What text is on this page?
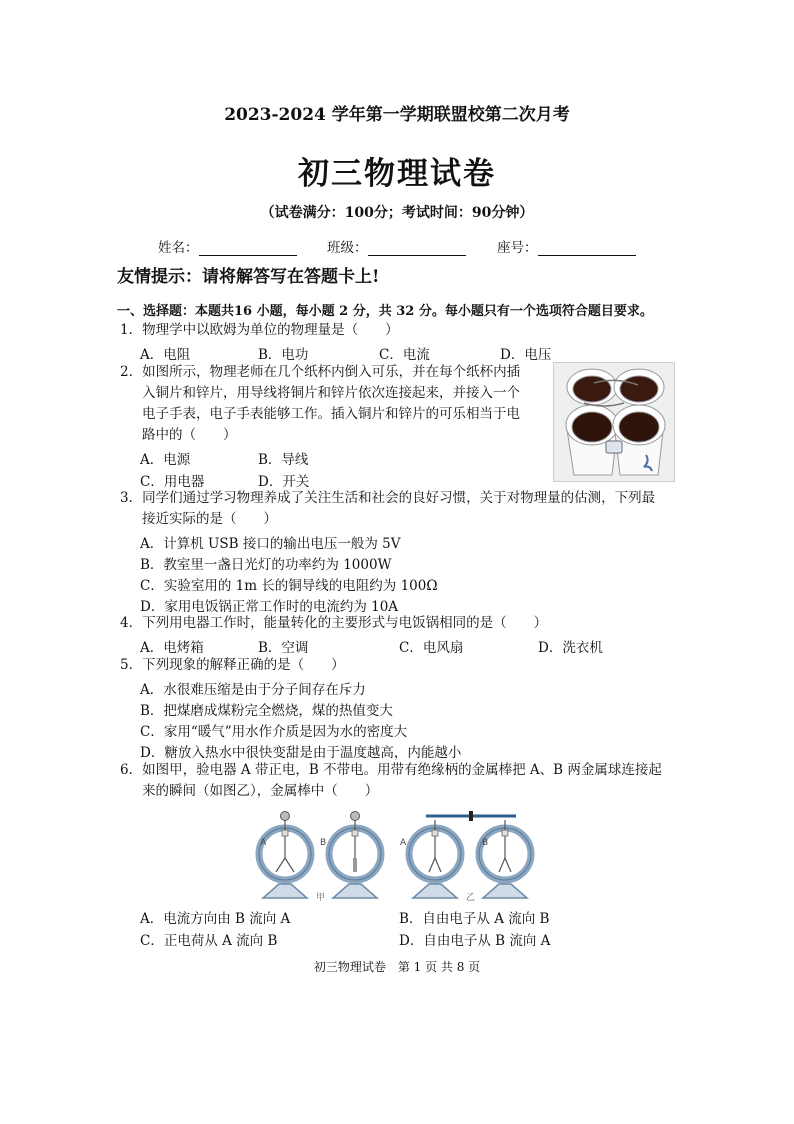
2023-2024 学年第一学期联盟校第二次月考
初三物理试卷
（试卷满分：100分；考试时间：90分钟）
姓名：	班级：	座号：
友情提示：请将解答写在答题卡上!
一、选择题：本题共16 小题，每小题 2 分，共 32 分。每小题只有一个选项符合题目要求。
1．物理学中以欧姆为单位的物理量是（　　）
A．电阻	B．电功	C．电流	D．电压
2．如图所示，物理老师在几个纸杯内倒入可乐，并在每个纸杯内插
入铜片和锌片，用导线将铜片和锌片依次连接起来，并接入一个
电子手表，电子手表能够工作。插入铜片和锌片的可乐相当于电
路中的（　　）
A．电源	B．导线
C．用电器	D．开关
3．同学们通过学习物理养成了关注生活和社会的良好习惯，关于对物理量的估测，下列最
接近实际的是（　　）
A．计算机 USB 接口的输出电压一般为 5V
B．教室里一盏日光灯的功率约为 1000W
C．实验室用的 1m 长的铜导线的电阻约为 100Ω
D．家用电饭锅正常工作时的电流约为 10A
4．下列用电器工作时，能量转化的主要形式与电饭锅相同的是（　　）
A．电烤箱	B．空调	C．电风扇	D．洗衣机
5．下列现象的解释正确的是（　　）
A．水很难压缩是由于分子间存在斥力
B．把煤磨成煤粉完全燃烧，煤的热值变大
C．家用“暖气”用水作介质是因为水的密度大
D．糖放入热水中很快变甜是由于温度越高，内能越小
6．如图甲，验电器 A 带正电，B 不带电。用带有绝缘柄的金属棒把 A、B 两金属球连接起
来的瞬间（如图乙），金属棒中（　　）
A	B	A	B
甲	乙
A．电流方向由 B 流向 A	B．自由电子从 A 流向 B
C．正电荷从 A 流向 B	D．自由电子从 B 流向 A
初三物理试卷　第 1 页 共 8 页
